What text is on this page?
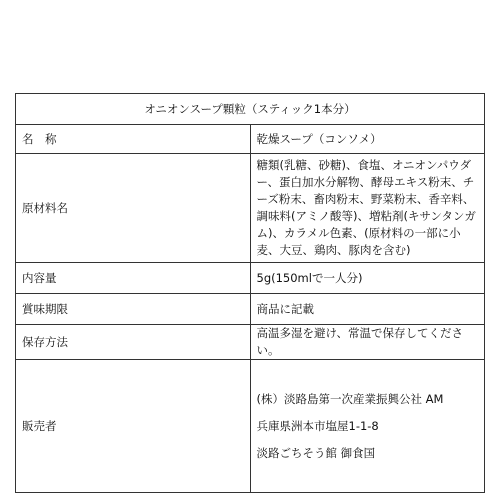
オニオンスープ顆粒（スティック1本分）	
名　称	乾燥スープ（コンソメ）
原材料名	糖類(乳糖、砂糖)、食塩、オニオンパウダー、蛋白加水分解物、酵母エキス粉末、チーズ粉末、畜肉粉末、野菜粉末、香辛料、調味料(アミノ酸等)、増粘剤(キサンタンガム)、カラメル色素、(原材料の一部に小麦、大豆、鶏肉、豚肉を含む)
内容量	5g(150mlで一人分)
賞味期限	商品に記載
保存方法	高温多湿を避け、常温で保存してください。
販売者	(株）淡路島第一次産業振興公社 AM
兵庫県洲本市塩屋1-1-8
淡路ごちそう館 御食国
